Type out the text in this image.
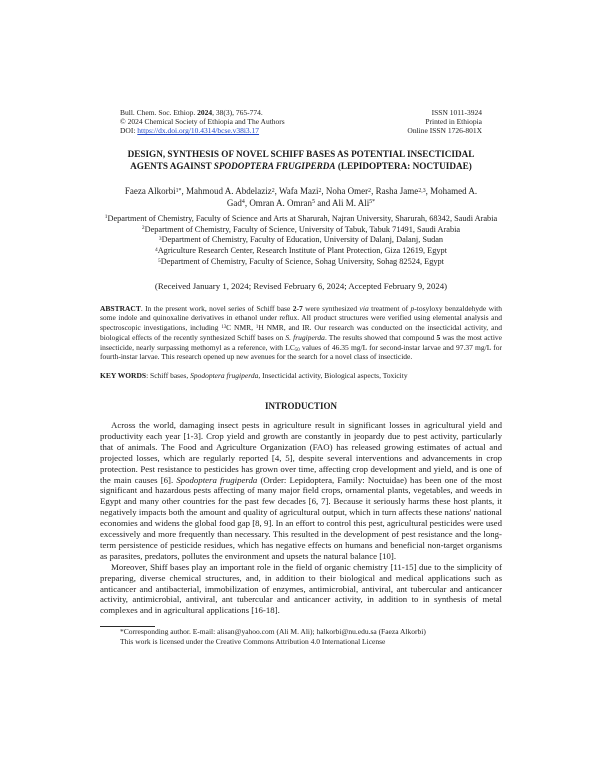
Bull. Chem. Soc. Ethiop. 2024, 38(3), 765-774.
© 2024 Chemical Society of Ethiopia and The Authors
DOI: https://dx.doi.org/10.4314/bcse.v38i3.17
ISSN 1011-3924
Printed in Ethiopia
Online ISSN 1726-801X
DESIGN, SYNTHESIS OF NOVEL SCHIFF BASES AS POTENTIAL INSECTICIDAL
AGENTS AGAINST SPODOPTERA FRUGIPERDA (LEPIDOPTERA: NOCTUIDAE)
Faeza Alkorbi$^{1*}$, Mahmoud A. Abdelaziz$^2$, Wafa Mazi$^2$, Noha Omer$^2$, Rasha Jame$^{2,3}$, Mohamed A. Gad$^4$, Omran A. Omran$^5$ and Ali M. Ali$^{5*}$
$^1$Department of Chemistry, Faculty of Science and Arts at Sharurah, Najran University, Sharurah, 68342, Saudi Arabia
$^2$Department of Chemistry, Faculty of Science, University of Tabuk, Tabuk 71491, Saudi Arabia
$^3$Department of Chemistry, Faculty of Education, University of Dalanj, Dalanj, Sudan
$^4$Agriculture Research Center, Research Institute of Plant Protection, Giza 12619, Egypt
$^5$Department of Chemistry, Faculty of Science, Sohag University, Sohag 82524, Egypt
(Received January 1, 2024; Revised February 6, 2024; Accepted February 9, 2024)
ABSTRACT. In the present work, novel series of Schiff base 2-7 were synthesized via treatment of p-tosyloxy benzaldehyde with some indole and quinoxaline derivatives in ethanol under reflux. All product structures were verified using elemental analysis and spectroscopic investigations, including $^{13}$C NMR, $^1$H NMR, and IR. Our research was conducted on the insecticidal activity, and biological effects of the recently synthesized Schiff bases on S. frugiperda. The results showed that compound 5 was the most active insecticide, nearly surpassing methomyl as a reference, with $LC_{50}$ values of 46.35 mg/L for second-instar larvae and 97.37 mg/L for fourth-instar larvae. This research opened up new avenues for the search for a novel class of insecticide.
KEY WORDS: Schiff bases, Spodoptera frugiperda, Insecticidal activity, Biological aspects, Toxicity
INTRODUCTION

Across the world, damaging insect pests in agriculture result in significant losses in agricultural yield and productivity each year [1-3]. Crop yield and growth are constantly in jeopardy due to pest activity, particularly that of animals. The Food and Agriculture Organization (FAO) has released growing estimates of actual and projected losses, which are regularly reported [4, 5], despite several interventions and advancements in crop protection. Pest resistance to pesticides has grown over time, affecting crop development and yield, and is one of the main causes [6]. Spodoptera frugiperda (Order: Lepidoptera, Family: Noctuidae) has been one of the most significant and hazardous pests affecting of many major field crops, ornamental plants, vegetables, and weeds in Egypt and many other countries for the past few decades [6, 7]. Because it seriously harms these host plants, it negatively impacts both the amount and quality of agricultural output, which in turn affects these nations' national economies and widens the global food gap [8, 9]. In an effort to control this pest, agricultural pesticides were used excessively and more frequently than necessary. This resulted in the development of pest resistance and the long-term persistence of pesticide residues, which has negative effects on humans and beneficial non-target organisms as parasites, predators, pollutes the environment and upsets the natural balance [10].

Moreover, Shiff bases play an important role in the field of organic chemistry [11-15] due to the simplicity of preparing, diverse chemical structures, and, in addition to their biological and medical applications such as anticancer and antibacterial, immobilization of enzymes, antimicrobial, antiviral, ant tubercular and anticancer activity, antimicrobial, antiviral, ant tubercular and anticancer activity, in addition to in synthesis of metal complexes and in agricultural applications [16-18].

*Corresponding author. E-mail: alisan@yahoo.com (Ali M. Ali); halkorbi@nu.edu.sa (Faeza Alkorbi)
This work is licensed under the Creative Commons Attribution 4.0 International License
